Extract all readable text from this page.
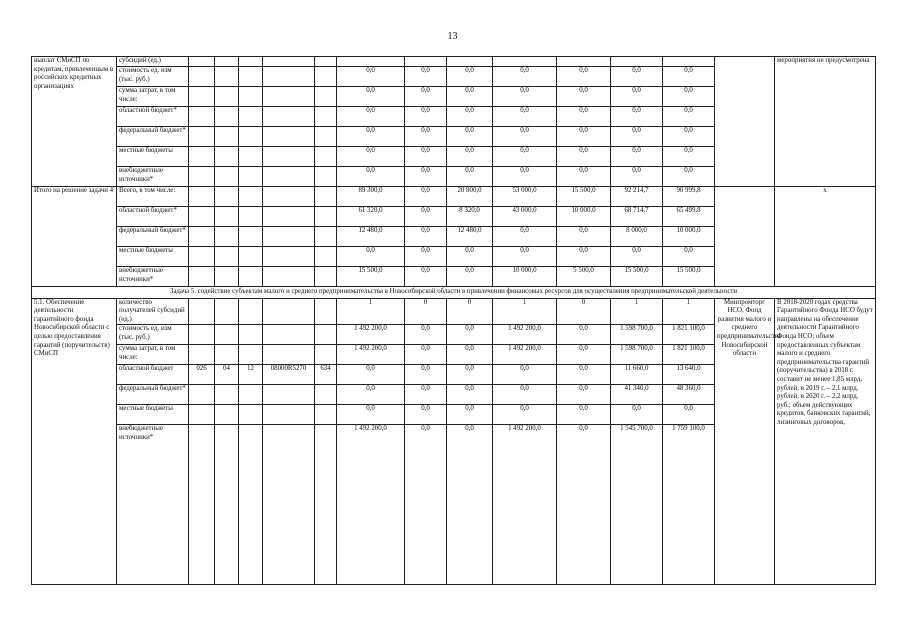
13
выплат СМиСП по кредитам, привлеченным в российских кредитных организациях	субсидий (ед.)														мероприятия не предусмотрена
	стоимость ед. изм (тыс. руб.)						0,0	0,0	0,0	0,0	0,0	0,0	0,0		
	сумма затрат, в том числе:						0,0	0,0	0,0	0,0	0,0	0,0	0,0		
	областной бюджет*						0,0	0,0	0,0	0,0	0,0	0,0	0,0		
	федеральный бюджет*						0,0	0,0	0,0	0,0	0,0	0,0	0,0		
	местные бюджеты						0,0	0,0	0,0	0,0	0,0	0,0	0,0		
	внебюджетные источники*						0,0	0,0	0,0	0,0	0,0	0,0	0,0		
Итого на решение задачи 4	Всего, в том числе:						89 300,0	0,0	20 800,0	53 000,0	15 500,0	92 214,7	90 999,8		x
	областной бюджет*						61 320,0	0,0	8 320,0	43 000,0	10 000,0	68 714,7	65 499,8		
	федеральный бюджет*						12 480,0	0,0	12 480,0	0,0	0,0	8 000,0	10 000,0		
	местные бюджеты						0,0	0,0	0,0	0,0	0,0	0,0	0,0		
	внебюджетные источники*						15 500,0	0,0	0,0	10 000,0	5 500,0	15 500,0	15 500,0		
Задача 5. содействие субъектам малого и среднего предпринимательства в Новосибирской области в привлечении финансовых ресурсов для осуществления предпринимательской деятельности															
5.1. Обеспечение деятельности гарантийного фонда Новосибирской области с целью предоставления гарантий (поручительств) СМиСП	количество получателей субсидий (ед.)						1	0	0	1	0	1	1	Минпромторг НСО, Фонд развития малого и среднего предпринимательства Новосибирской области	В 2018-2020 годах средства Гарантийного Фонда НСО будут направлены на обеспечение деятельности Гарантийного Фонда НСО; объем предоставленных субъектам малого и среднего предпринимательства гарантий (поручительства) в 2018 г. составит не менее 1,85 млрд. рублей, в 2019 г. – 2,1 млрд. рублей, в 2020 г. – 2,2 млрд. руб.; объем действующих кредитов, банковских гарантий, лизинговых договоров,
	стоимость ед. изм (тыс. руб.)						1 492 200,0	0,0	0,0	1 492 200,0	0,0	1 598 700,0	1 821 100,0		
	сумма затрат, в том числе:						1 492 200,0	0,0	0,0	1 492 200,0	0,0	1 598 700,0	1 821 100,0		
	областной бюджет	026	04	12	08000R5270	634	0,0	0,0	0,0	0,0	0,0	11 660,0	13 640,0		
	федеральный бюджет*						0,0	0,0	0,0	0,0	0,0	41 340,0	48 360,0		
	местные бюджеты						0,0	0,0	0,0	0,0	0,0	0,0	0,0		
	внебюджетные источники*						1 492 200,0	0,0	0,0	1 492 200,0	0,0	1 545 700,0	1 759 100,0		
